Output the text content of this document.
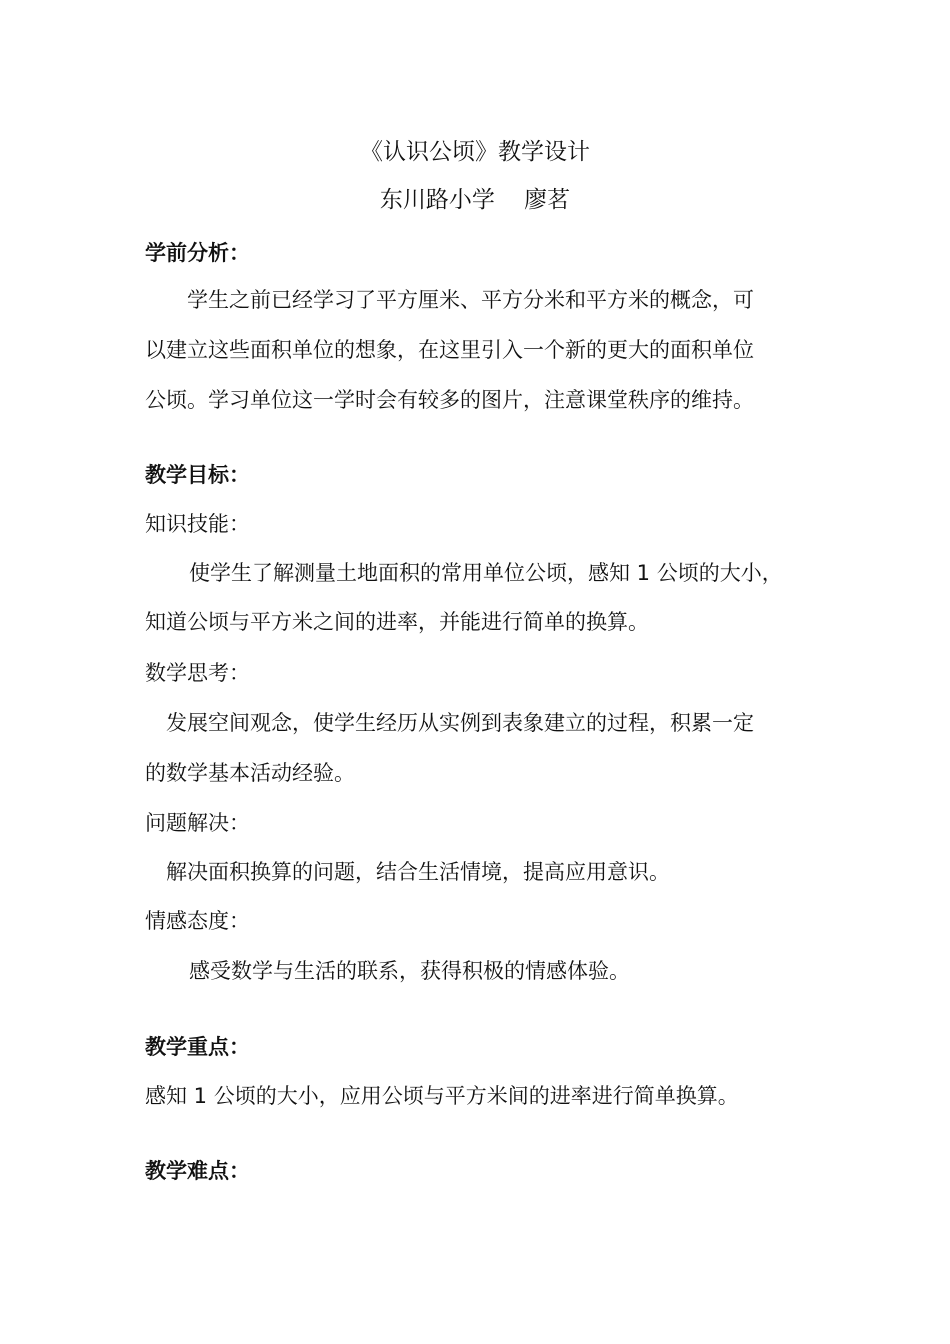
《认识公顷》教学设计
东川路小学    廖茗
学前分析：
学生之前已经学习了平方厘米、平方分米和平方米的概念，可
以建立这些面积单位的想象，在这里引入一个新的更大的面积单位
公顷。学习单位这一学时会有较多的图片，注意课堂秩序的维持。
教学目标：
知识技能：
使学生了解测量土地面积的常用单位公顷，感知 1 公顷的大小，
知道公顷与平方米之间的进率，并能进行简单的换算。
数学思考：
发展空间观念，使学生经历从实例到表象建立的过程，积累一定
的数学基本活动经验。
问题解决：
解决面积换算的问题，结合生活情境，提高应用意识。
情感态度：
感受数学与生活的联系，获得积极的情感体验。
教学重点：
感知 1 公顷的大小，应用公顷与平方米间的进率进行简单换算。
教学难点：
